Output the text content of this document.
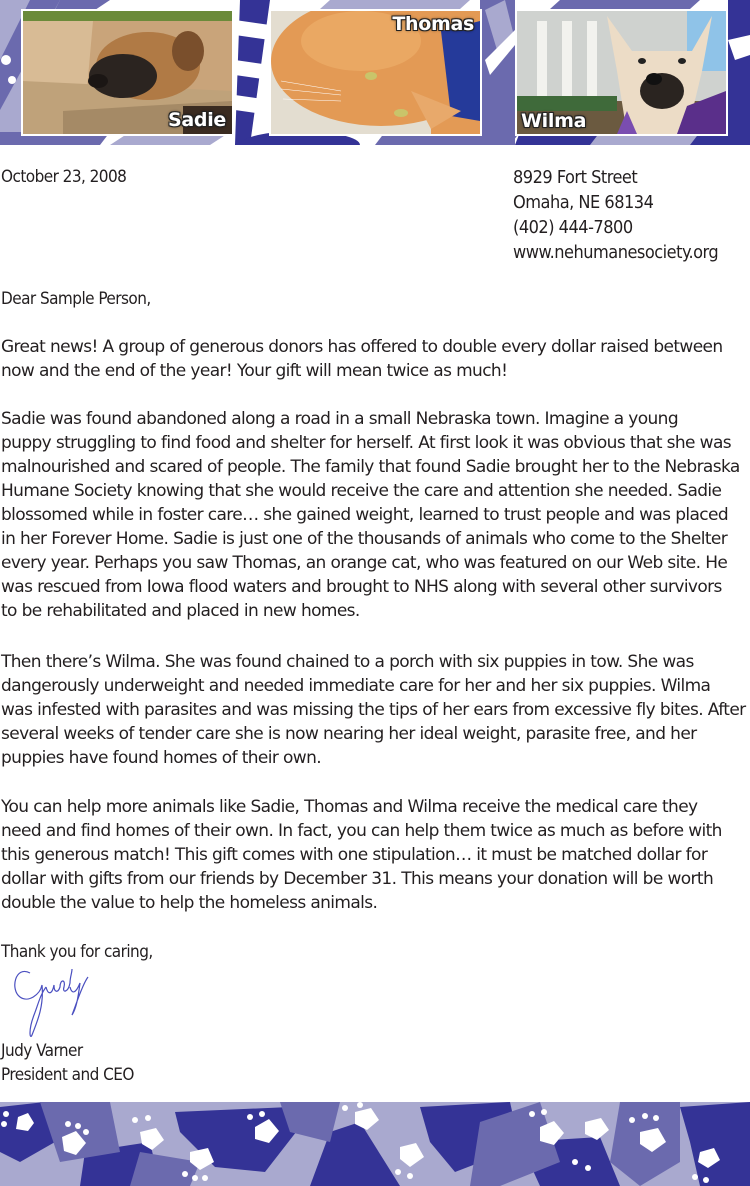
Sadie
Thomas
Wilma
October 23, 2008	8929 Fort Street
Omaha, NE 68134
(402) 444-7800
www.nehumanesociety.org
Dear Sample Person,
Great news! A group of generous donors has offered to double every dollar raised between
now and the end of the year! Your gift will mean twice as much!
Sadie was found abandoned along a road in a small Nebraska town. Imagine a young
puppy struggling to find food and shelter for herself. At first look it was obvious that she was
malnourished and scared of people. The family that found Sadie brought her to the Nebraska
Humane Society knowing that she would receive the care and attention she needed. Sadie
blossomed while in foster care… she gained weight, learned to trust people and was placed
in her Forever Home. Sadie is just one of the thousands of animals who come to the Shelter
every year. Perhaps you saw Thomas, an orange cat, who was featured on our Web site. He
was rescued from Iowa flood waters and brought to NHS along with several other survivors
to be rehabilitated and placed in new homes.
Then there’s Wilma. She was found chained to a porch with six puppies in tow. She was
dangerously underweight and needed immediate care for her and her six puppies. Wilma
was infested with parasites and was missing the tips of her ears from excessive fly bites. After
several weeks of tender care she is now nearing her ideal weight, parasite free, and her
puppies have found homes of their own.
You can help more animals like Sadie, Thomas and Wilma receive the medical care they
need and find homes of their own. In fact, you can help them twice as much as before with
this generous match! This gift comes with one stipulation… it must be matched dollar for
dollar with gifts from our friends by December 31. This means your donation will be worth
double the value to help the homeless animals.
Thank you for caring,
Judy Varner
President and CEO
